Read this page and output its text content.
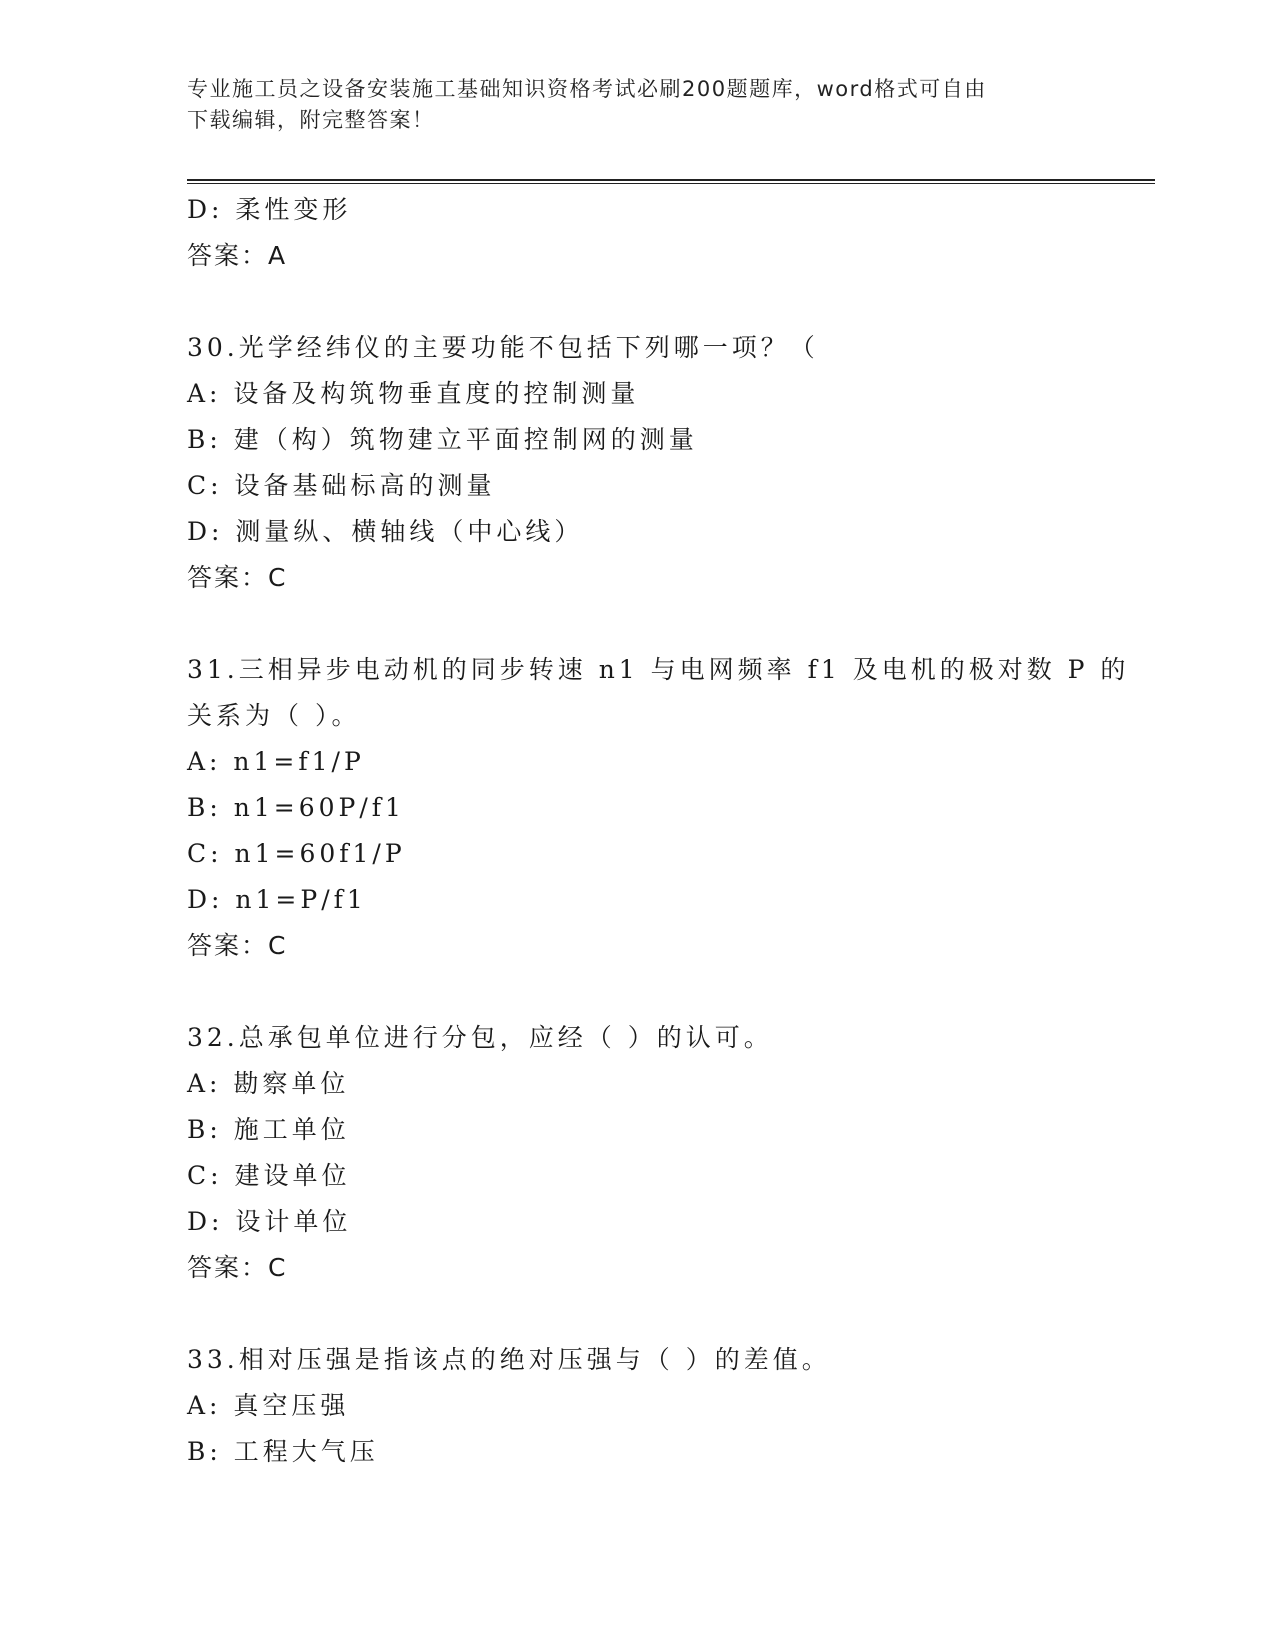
专业施工员之设备安装施工基础知识资格考试必刷200题题库，word格式可自由
下载编辑，附完整答案！
D: 柔性变形
答案：A
30.光学经纬仪的主要功能不包括下列哪一项？（
A: 设备及构筑物垂直度的控制测量
B: 建（构）筑物建立平面控制网的测量
C: 设备基础标高的测量
D: 测量纵、横轴线（中心线）
答案：C
31.三相异步电动机的同步转速 n1 与电网频率 f1 及电机的极对数 P 的
关系为（ ）。
A: n1=f1/P
B: n1=60P/f1
C: n1=60f1/P
D: n1=P/f1
答案：C
32.总承包单位进行分包，应经（ ）的认可。
A: 勘察单位
B: 施工单位
C: 建设单位
D: 设计单位
答案：C
33.相对压强是指该点的绝对压强与（ ）的差值。
A: 真空压强
B: 工程大气压
